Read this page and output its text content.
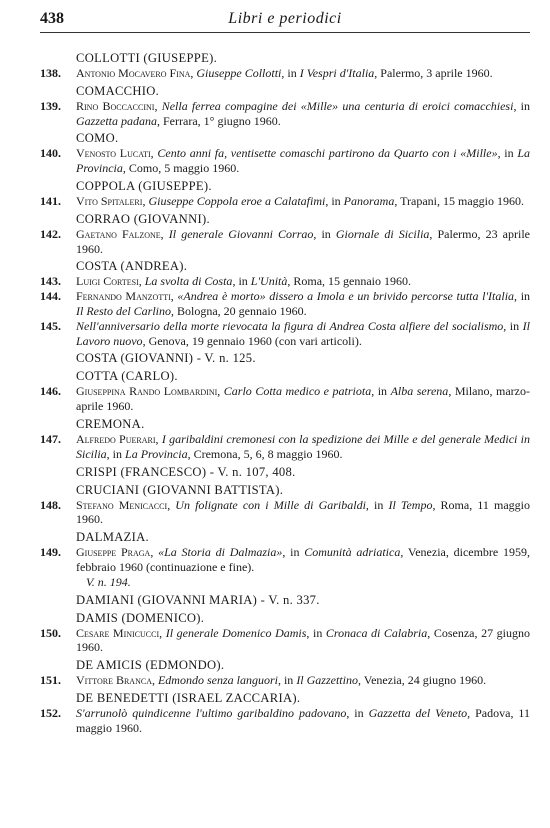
438	Libri e periodici
COLLOTTI (GIUSEPPE).
138.	Antonio Mocavero Fina, Giuseppe Collotti, in I Vespri d'Italia, Palermo, 3 aprile 1960.
COMACCHIO.
139.	Rino Boccaccini, Nella ferrea compagine dei «Mille» una centuria di eroici comacchiesi, in Gazzetta padana, Ferrara, 1° giugno 1960.
COMO.
140.	Venosto Lucati, Cento anni fa, ventisette comaschi partirono da Quarto con i «Mille», in La Provincia, Como, 5 maggio 1960.
COPPOLA (GIUSEPPE).
141.	Vito Spitaleri, Giuseppe Coppola eroe a Calatafimi, in Panorama, Trapani, 15 maggio 1960.
CORRAO (GIOVANNI).
142.	Gaetano Falzone, Il generale Giovanni Corrao, in Giornale di Sicilia, Palermo, 23 aprile 1960.
COSTA (ANDREA).
143.	Luigi Cortesi, La svolta di Costa, in L'Unità, Roma, 15 gennaio 1960.
144.	Fernando Manzotti, «Andrea è morto» dissero a Imola e un brivido percorse tutta l'Italia, in Il Resto del Carlino, Bologna, 20 gennaio 1960.
145.	Nell'anniversario della morte rievocata la figura di Andrea Costa alfiere del socialismo, in Il Lavoro nuovo, Genova, 19 gennaio 1960 (con vari articoli).
COSTA (GIOVANNI) - V. n. 125.
COTTA (CARLO).
146.	Giuseppina Rando Lombardini, Carlo Cotta medico e patriota, in Alba serena, Milano, marzo-aprile 1960.
CREMONA.
147.	Alfredo Puerari, I garibaldini cremonesi con la spedizione dei Mille e del generale Medici in Sicilia, in La Provincia, Cremona, 5, 6, 8 maggio 1960.
CRISPI (FRANCESCO) - V. n. 107, 408.
CRUCIANI (GIOVANNI BATTISTA).
148.	Stefano Menicacci, Un folignate con i Mille di Garibaldi, in Il Tempo, Roma, 11 maggio 1960.
DALMAZIA.
149.	Giuseppe Praga, «La Storia di Dalmazia», in Comunità adriatica, Venezia, dicembre 1959, febbraio 1960 (continuazione e fine).
V. n. 194.
DAMIANI (GIOVANNI MARIA) - V. n. 337.
DAMIS (DOMENICO).
150.	Cesare Minicucci, Il generale Domenico Damis, in Cronaca di Calabria, Cosenza, 27 giugno 1960.
DE AMICIS (EDMONDO).
151.	Vittore Branca, Edmondo senza languori, in Il Gazzettino, Venezia, 24 giugno 1960.
DE BENEDETTI (ISRAEL ZACCARIA).
152.	S'arrunolò quindicenne l'ultimo garibaldino padovano, in Gazzetta del Veneto, Padova, 11 maggio 1960.
